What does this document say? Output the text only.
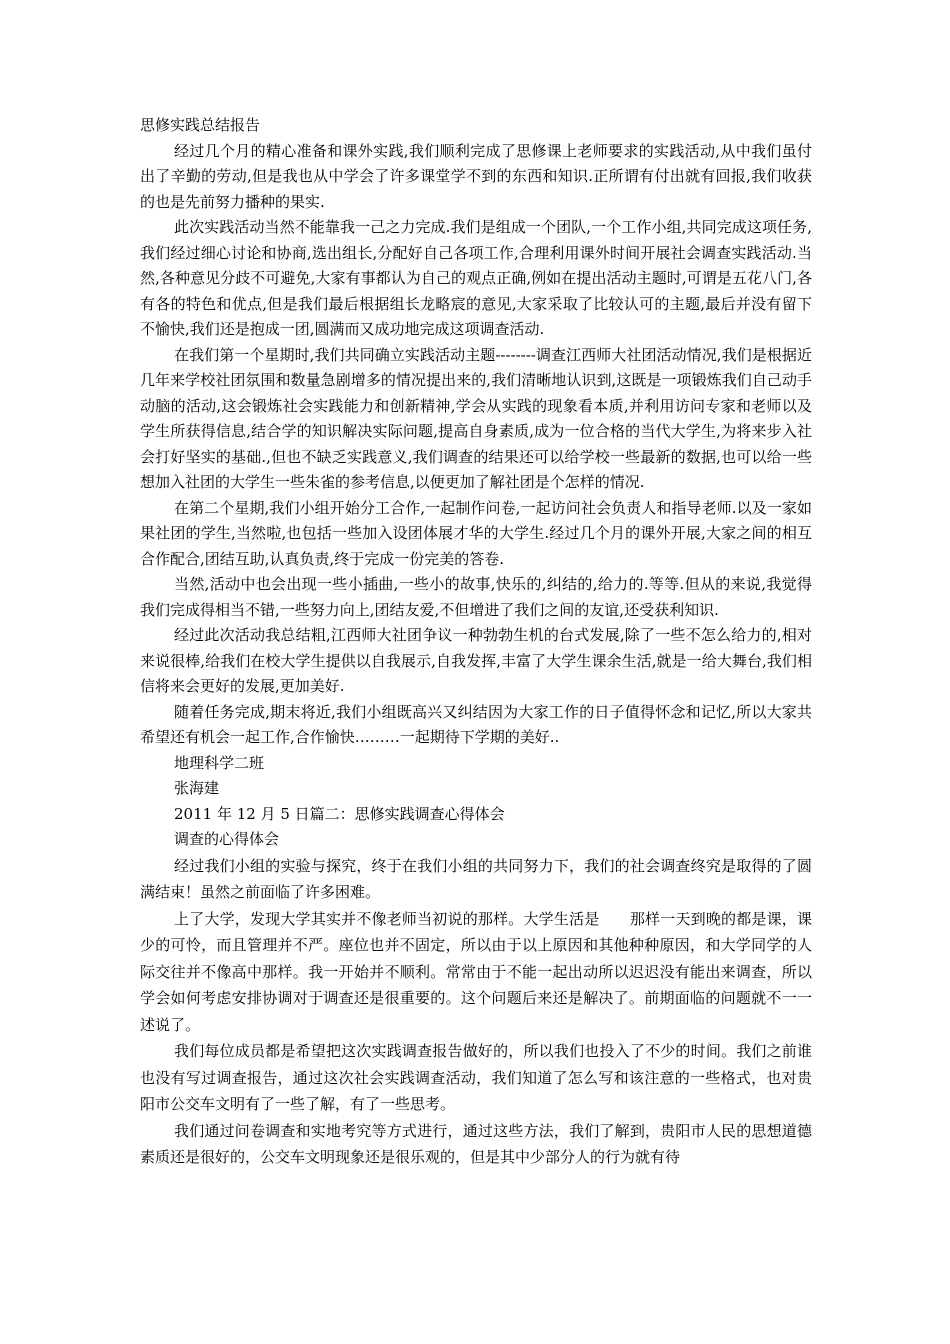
思修实践总结报告

经过几个月的精心准备和课外实践,我们顺利完成了思修课上老师要求的实践活动,从中我们虽付出了辛勤的劳动,但是我也从中学会了许多课堂学不到的东西和知识.正所谓有付出就有回报,我们收获的也是先前努力播种的果实.

此次实践活动当然不能靠我一己之力完成.我们是组成一个团队,一个工作小组,共同完成这项任务,我们经过细心讨论和协商,选出组长,分配好自己各项工作,合理利用课外时间开展社会调查实践活动.当然,各种意见分歧不可避免,大家有事都认为自己的观点正确,例如在提出活动主题时,可谓是五花八门,各有各的特色和优点,但是我们最后根据组长龙略宸的意见,大家采取了比较认可的主题,最后并没有留下不愉快,我们还是抱成一团,圆满而又成功地完成这项调查活动.

在我们第一个星期时,我们共同确立实践活动主题--------调查江西师大社团活动情况,我们是根据近几年来学校社团氛围和数量急剧增多的情况提出来的,我们清晰地认识到,这既是一项锻炼我们自己动手动脑的活动,这会锻炼社会实践能力和创新精神,学会从实践的现象看本质,并利用访问专家和老师以及学生所获得信息,结合学的知识解决实际问题,提高自身素质,成为一位合格的当代大学生,为将来步入社会打好坚实的基础.,但也不缺乏实践意义,我们调查的结果还可以给学校一些最新的数据,也可以给一些想加入社团的大学生一些朱雀的参考信息,以便更加了解社团是个怎样的情况.

在第二个星期,我们小组开始分工合作,一起制作问卷,一起访问社会负责人和指导老师.以及一家如果社团的学生,当然啦,也包括一些加入设团体展才华的大学生.经过几个月的课外开展,大家之间的相互合作配合,团结互助,认真负责,终于完成一份完美的答卷.

当然,活动中也会出现一些小插曲,一些小的故事,快乐的,纠结的,给力的.等等.但从的来说,我觉得我们完成得相当不错,一些努力向上,团结友爱,不但增进了我们之间的友谊,还受获利知识.

经过此次活动我总结粗,江西师大社团争议一种勃勃生机的台式发展,除了一些不怎么给力的,相对来说很棒,给我们在校大学生提供以自我展示,自我发挥,丰富了大学生课余生活,就是一给大舞台,我们相信将来会更好的发展,更加美好.

随着任务完成,期末将近,我们小组既高兴又纠结因为大家工作的日子值得怀念和记忆,所以大家共希望还有机会一起工作,合作愉快………一起期待下学期的美好..

地理科学二班
张海建
2011 年 12 月 5 日篇二：思修实践调查心得体会
调查的心得体会

经过我们小组的实验与探究，终于在我们小组的共同努力下，我们的社会调查终究是取得的了圆满结束！虽然之前面临了许多困难。

上了大学，发现大学其实并不像老师当初说的那样。大学生活是　　那样一天到晚的都是课，课少的可怜，而且管理并不严。座位也并不固定，所以由于以上原因和其他种种原因，和大学同学的人际交往并不像高中那样。我一开始并不顺利。常常由于不能一起出动所以迟迟没有能出来调查，所以学会如何考虑安排协调对于调查还是很重要的。这个问题后来还是解决了。前期面临的问题就不一一述说了。

我们每位成员都是希望把这次实践调查报告做好的，所以我们也投入了不少的时间。我们之前谁也没有写过调查报告，通过这次社会实践调查活动，我们知道了怎么写和该注意的一些格式，也对贵阳市公交车文明有了一些了解，有了一些思考。

我们通过问卷调查和实地考究等方式进行，通过这些方法，我们了解到，贵阳市人民的思想道德素质还是很好的，公交车文明现象还是很乐观的，但是其中少部分人的行为就有待
